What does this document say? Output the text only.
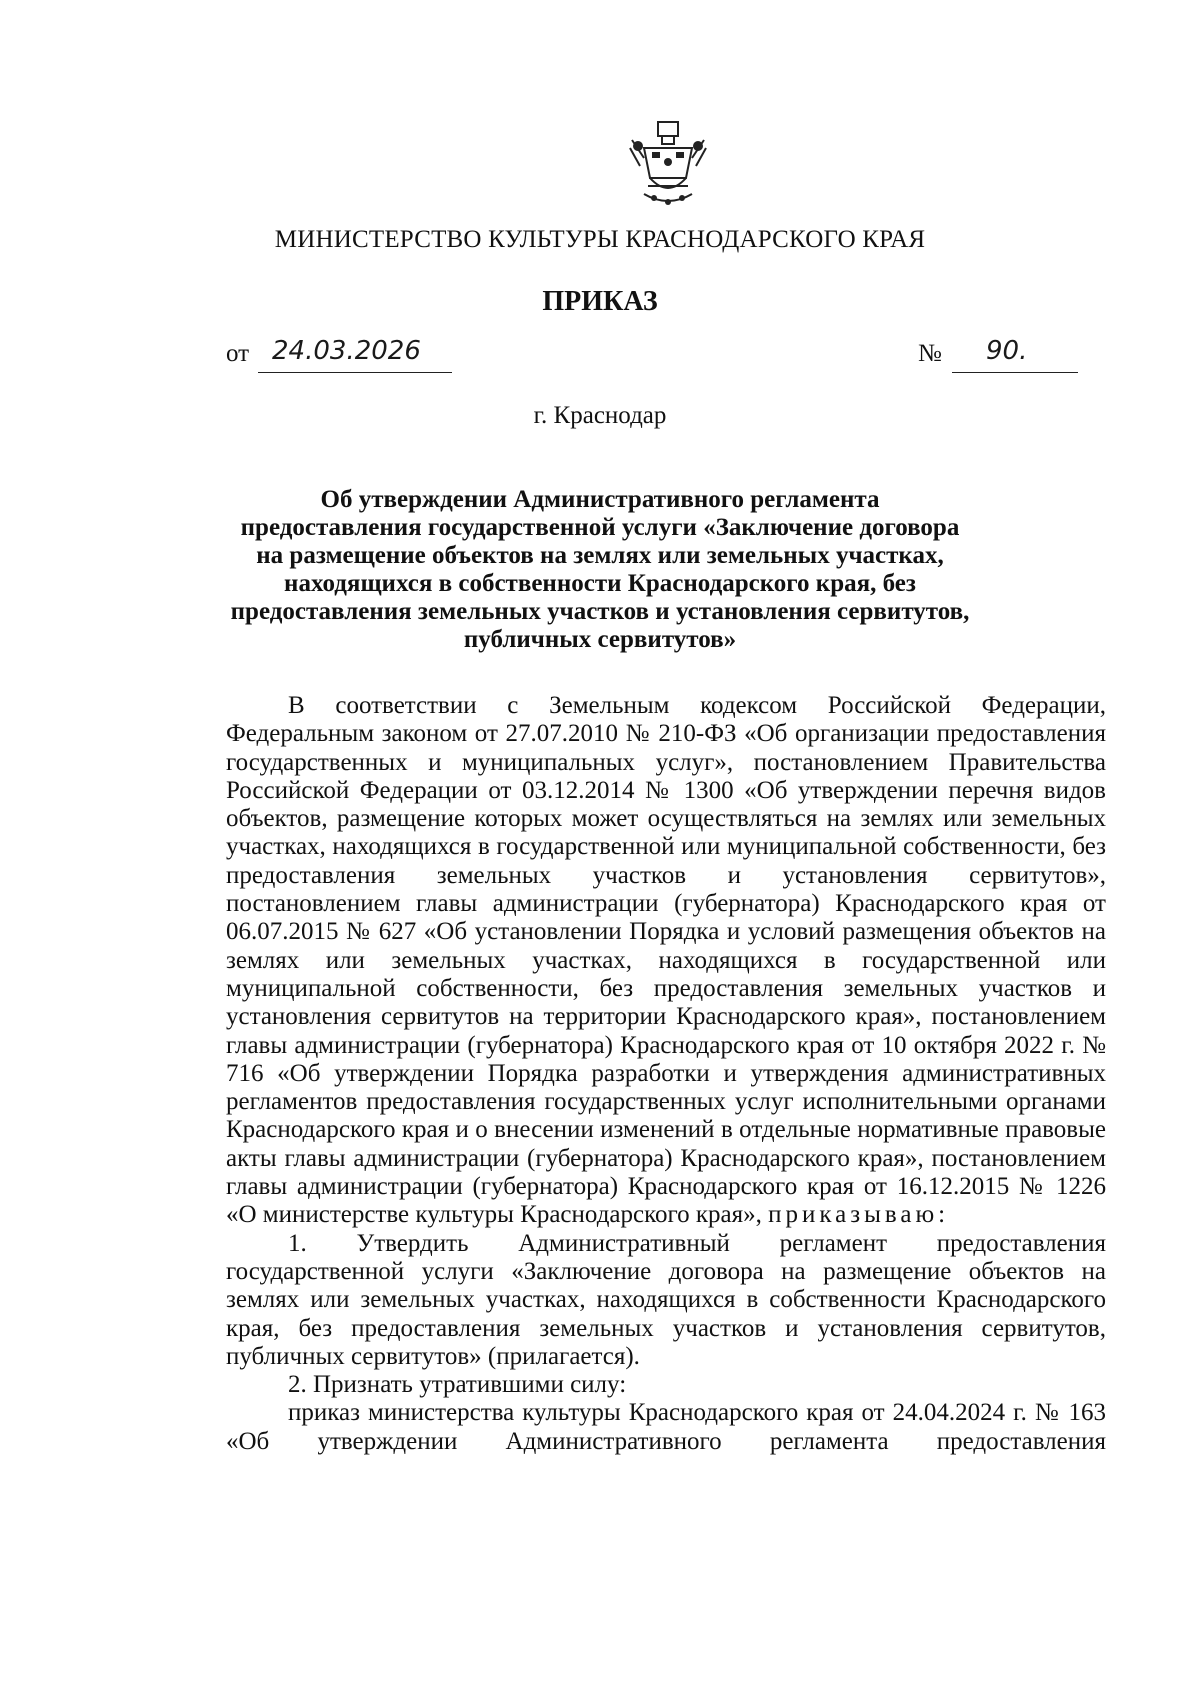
МИНИСТЕРСТВО КУЛЬТУРЫ КРАСНОДАРСКОГО КРАЯ
ПРИКАЗ
от 24.03.2026	№ 90.
г. Краснодар
Об утверждении Административного регламента предоставления государственной услуги «Заключение договора на размещение объектов на землях или земельных участках, находящихся в собственности Краснодарского края, без предоставления земельных участков и установления сервитутов, публичных сервитутов»

В соответствии с Земельным кодексом Российской Федерации, Федеральным законом от 27.07.2010 № 210-ФЗ «Об организации предоставления государственных и муниципальных услуг», постановлением Правительства Российской Федерации от 03.12.2014 № 1300 «Об утверждении перечня видов объектов, размещение которых может осуществляться на землях или земельных участках, находящихся в государственной или муниципальной собственности, без предоставления земельных участков и установления сервитутов», постановлением главы администрации (губернатора) Краснодарского края от 06.07.2015 № 627 «Об установлении Порядка и условий размещения объектов на землях или земельных участках, находящихся в государственной или муниципальной собственности, без предоставления земельных участков и установления сервитутов на территории Краснодарского края», постановлением главы администрации (губернатора) Краснодарского края от 10 октября 2022 г. № 716 «Об утверждении Порядка разработки и утверждения административных регламентов предоставления государственных услуг исполнительными органами Краснодарского края и о внесении изменений в отдельные нормативные правовые акты главы администрации (губернатора) Краснодарского края», постановлением главы администрации (губернатора) Краснодарского края от 16.12.2015 № 1226 «О министерстве культуры Краснодарского края», приказываю:

1. Утвердить Административный регламент предоставления государственной услуги «Заключение договора на размещение объектов на землях или земельных участках, находящихся в собственности Краснодарского края, без предоставления земельных участков и установления сервитутов, публичных сервитутов» (прилагается).

2. Признать утратившими силу:

приказ министерства культуры Краснодарского края от 24.04.2024 г. № 163 «Об утверждении Административного регламента предоставления
